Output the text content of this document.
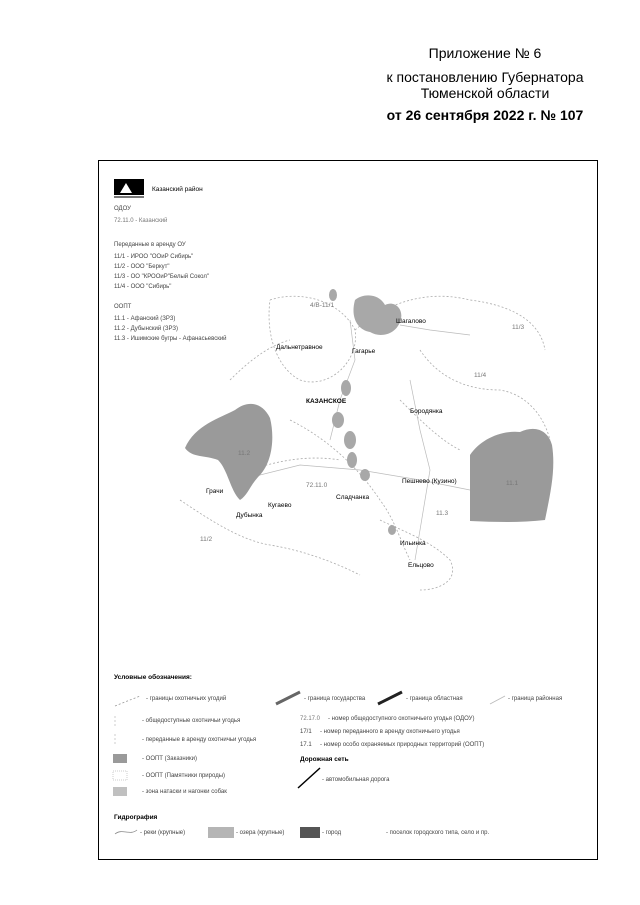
Приложение № 6
к постановлению Губернатора
Тюменской области
от 26 сентября 2022 г. № 107
Казанский район
ОДОУ
72.11.0 - Казанский
Переданные в аренду ОУ
11/1 - ИРОО "ООиР Сибирь"
11/2 - ООО "Беркут"
11/3 - ОО "КРООиР"Белый Сокол"
11/4 - ООО "Сибирь"
ООПТ
11.1 - Афанский (ЗРЗ)
11.2 - Дубынский (ЗРЗ)
11.3 - Ишимские бугры - Афанасьевский
Шагалово
Дальнетравное
Гагарье
КАЗАНСКОЕ
Бородянка
Грачи
Кугаево
Дубынка
Сладчанка
Пешнево (Кузино)
Ильинка
Ельцово
4/В-11/1
11/3
11/4
11.2
72.11.0	11.1
11.3
11/2
Условные обозначения:
- границы охотничьих угодий	- граница государства	- граница областная	- граница районная
- общедоступные охотничьи угодья
- переданные в аренду охотничьи угодья
- ООПТ (Заказники)
- ООПТ (Памятники природы)
- зона натаски и нагонки собак
72.17.0 - номер общедоступного охотничьего угодья (ОДОУ)
17/1 - номер переданного в аренду охотничьего угодья
17.1 - номер особо охраняемых природных территорий (ООПТ)
Дорожная сеть
- автомобильная дорога
Гидрография
- реки (крупные)	- озера (крупные)	- город	- поселок городского типа, село и пр.
